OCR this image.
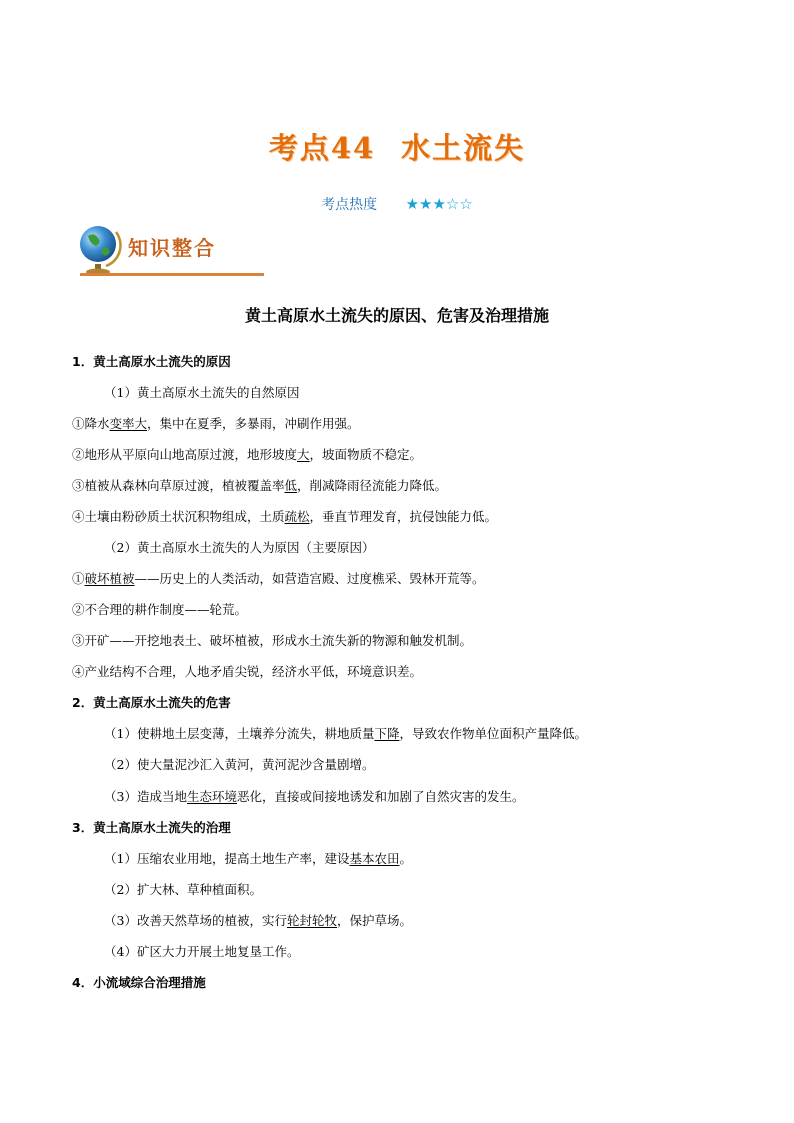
考点44 水土流失
考点热度 ★★★☆☆
知识整合
黄土高原水土流失的原因、危害及治理措施
1．黄土高原水土流失的原因
（1）黄土高原水土流失的自然原因
①降水变率大，集中在夏季，多暴雨，冲刷作用强。
②地形从平原向山地高原过渡，地形坡度大，坡面物质不稳定。
③植被从森林向草原过渡，植被覆盖率低，削减降雨径流能力降低。
④土壤由粉砂质土状沉积物组成，土质疏松，垂直节理发育，抗侵蚀能力低。
（2）黄土高原水土流失的人为原因（主要原因）
①破坏植被——历史上的人类活动，如营造宫殿、过度樵采、毁林开荒等。
②不合理的耕作制度——轮荒。
③开矿——开挖地表土、破坏植被，形成水土流失新的物源和触发机制。
④产业结构不合理，人地矛盾尖锐，经济水平低，环境意识差。
2．黄土高原水土流失的危害
（1）使耕地土层变薄，土壤养分流失，耕地质量下降，导致农作物单位面积产量降低。
（2）使大量泥沙汇入黄河，黄河泥沙含量剧增。
（3）造成当地生态环境恶化，直接或间接地诱发和加剧了自然灾害的发生。
3．黄土高原水土流失的治理
（1）压缩农业用地，提高土地生产率，建设基本农田。
（2）扩大林、草种植面积。
（3）改善天然草场的植被，实行轮封轮牧，保护草场。
（4）矿区大力开展土地复垦工作。
4．小流域综合治理措施
